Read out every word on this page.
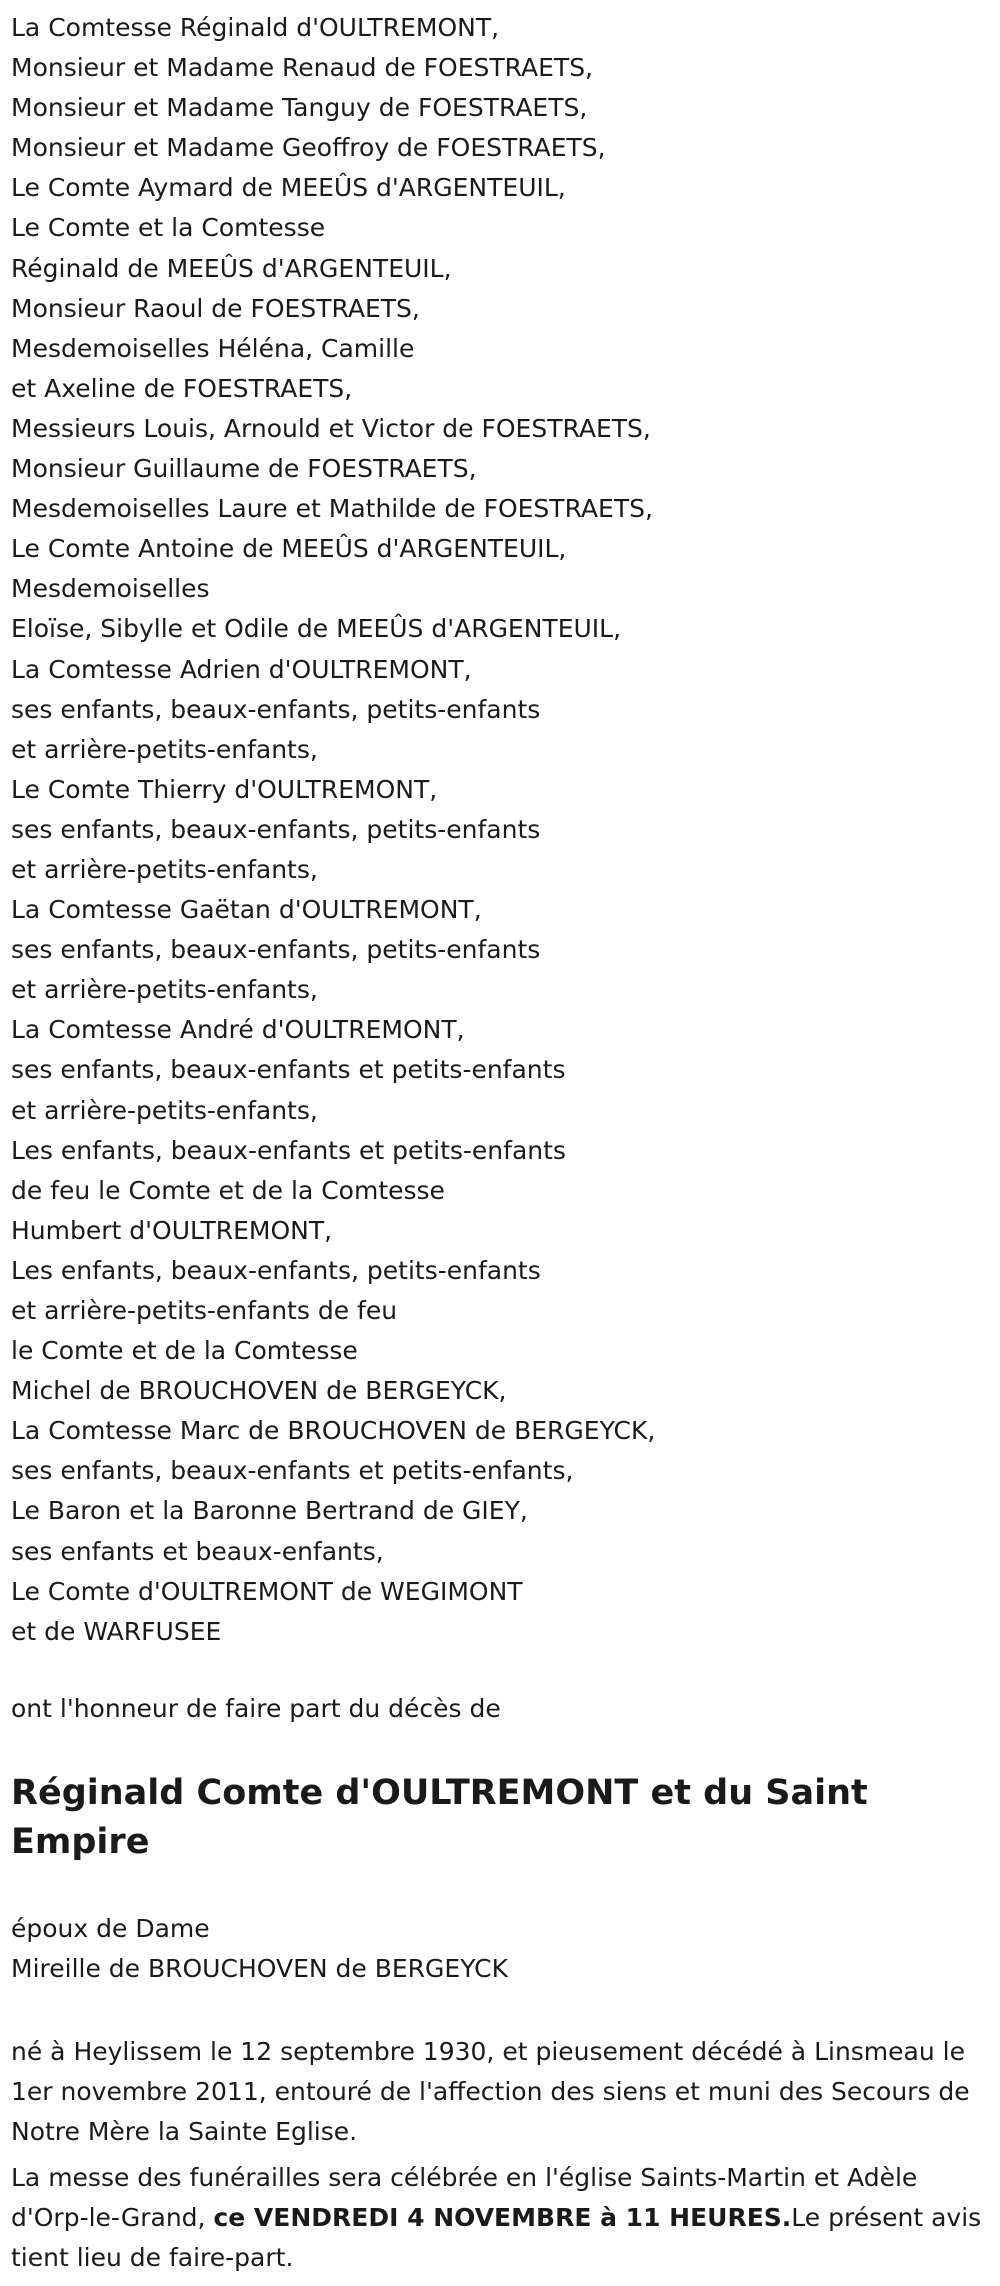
La Comtesse Réginald d'OULTREMONT,
Monsieur et Madame Renaud de FOESTRAETS,
Monsieur et Madame Tanguy de FOESTRAETS,
Monsieur et Madame Geoffroy de FOESTRAETS,
Le Comte Aymard de MEEÛS d'ARGENTEUIL,
Le Comte et la Comtesse
Réginald de MEEÛS d'ARGENTEUIL,
Monsieur Raoul de FOESTRAETS,
Mesdemoiselles Héléna, Camille
et Axeline de FOESTRAETS,
Messieurs Louis, Arnould et Victor de FOESTRAETS,
Monsieur Guillaume de FOESTRAETS,
Mesdemoiselles Laure et Mathilde de FOESTRAETS,
Le Comte Antoine de MEEÛS d'ARGENTEUIL,
Mesdemoiselles
Eloïse, Sibylle et Odile de MEEÛS d'ARGENTEUIL,
La Comtesse Adrien d'OULTREMONT,
ses enfants, beaux-enfants, petits-enfants
et arrière-petits-enfants,
Le Comte Thierry d'OULTREMONT,
ses enfants, beaux-enfants, petits-enfants
et arrière-petits-enfants,
La Comtesse Gaëtan d'OULTREMONT,
ses enfants, beaux-enfants, petits-enfants
et arrière-petits-enfants,
La Comtesse André d'OULTREMONT,
ses enfants, beaux-enfants et petits-enfants
et arrière-petits-enfants,
Les enfants, beaux-enfants et petits-enfants
de feu le Comte et de la Comtesse
Humbert d'OULTREMONT,
Les enfants, beaux-enfants, petits-enfants
et arrière-petits-enfants de feu
le Comte et de la Comtesse
Michel de BROUCHOVEN de BERGEYCK,
La Comtesse Marc de BROUCHOVEN de BERGEYCK,
ses enfants, beaux-enfants et petits-enfants,
Le Baron et la Baronne Bertrand de GIEY,
ses enfants et beaux-enfants,
Le Comte d'OULTREMONT de WEGIMONT
et de WARFUSEE
ont l'honneur de faire part du décès de
Réginald Comte d'OULTREMONT et du Saint Empire
époux de Dame
Mireille de BROUCHOVEN de BERGEYCK
né à Heylissem le 12 septembre 1930, et pieusement décédé à Linsmeau le 1er novembre 2011, entouré de l'affection des siens et muni des Secours de Notre Mère la Sainte Eglise.
La messe des funérailles sera célébrée en l'église Saints-Martin et Adèle d'Orp-le-Grand, ce VENDREDI 4 NOVEMBRE à 11 HEURES.Le présent avis tient lieu de faire-part.
